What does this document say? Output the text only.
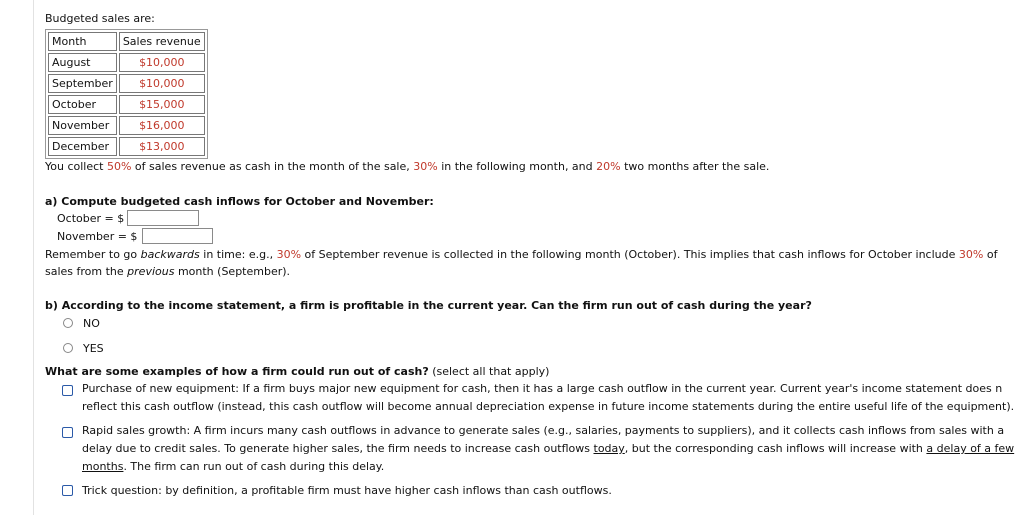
Budgeted sales are:
Month	Sales revenue
August	$10,000
September	$10,000
October	$15,000
November	$16,000
December	$13,000
You collect 50% of sales revenue as cash in the month of the sale, 30% in the following month, and 20% two months after the sale.
a) Compute budgeted cash inflows for October and November:
October = $
November = $
Remember to go backwards in time: e.g., 30% of September revenue is collected in the following month (October). This implies that cash inflows for October include 30% of
sales from the previous month (September).
b) According to the income statement, a firm is profitable in the current year. Can the firm run out of cash during the year?
NO
YES
What are some examples of how a firm could run out of cash? (select all that apply)
Purchase of new equipment: If a firm buys major new equipment for cash, then it has a large cash outflow in the current year. Current year's income statement does n
reflect this cash outflow (instead, this cash outflow will become annual depreciation expense in future income statements during the entire useful life of the equipment).
Rapid sales growth: A firm incurs many cash outflows in advance to generate sales (e.g., salaries, payments to suppliers), and it collects cash inflows from sales with a
delay due to credit sales. To generate higher sales, the firm needs to increase cash outflows today, but the corresponding cash inflows will increase with a delay of a few
months. The firm can run out of cash during this delay.
Trick question: by definition, a profitable firm must have higher cash inflows than cash outflows.
